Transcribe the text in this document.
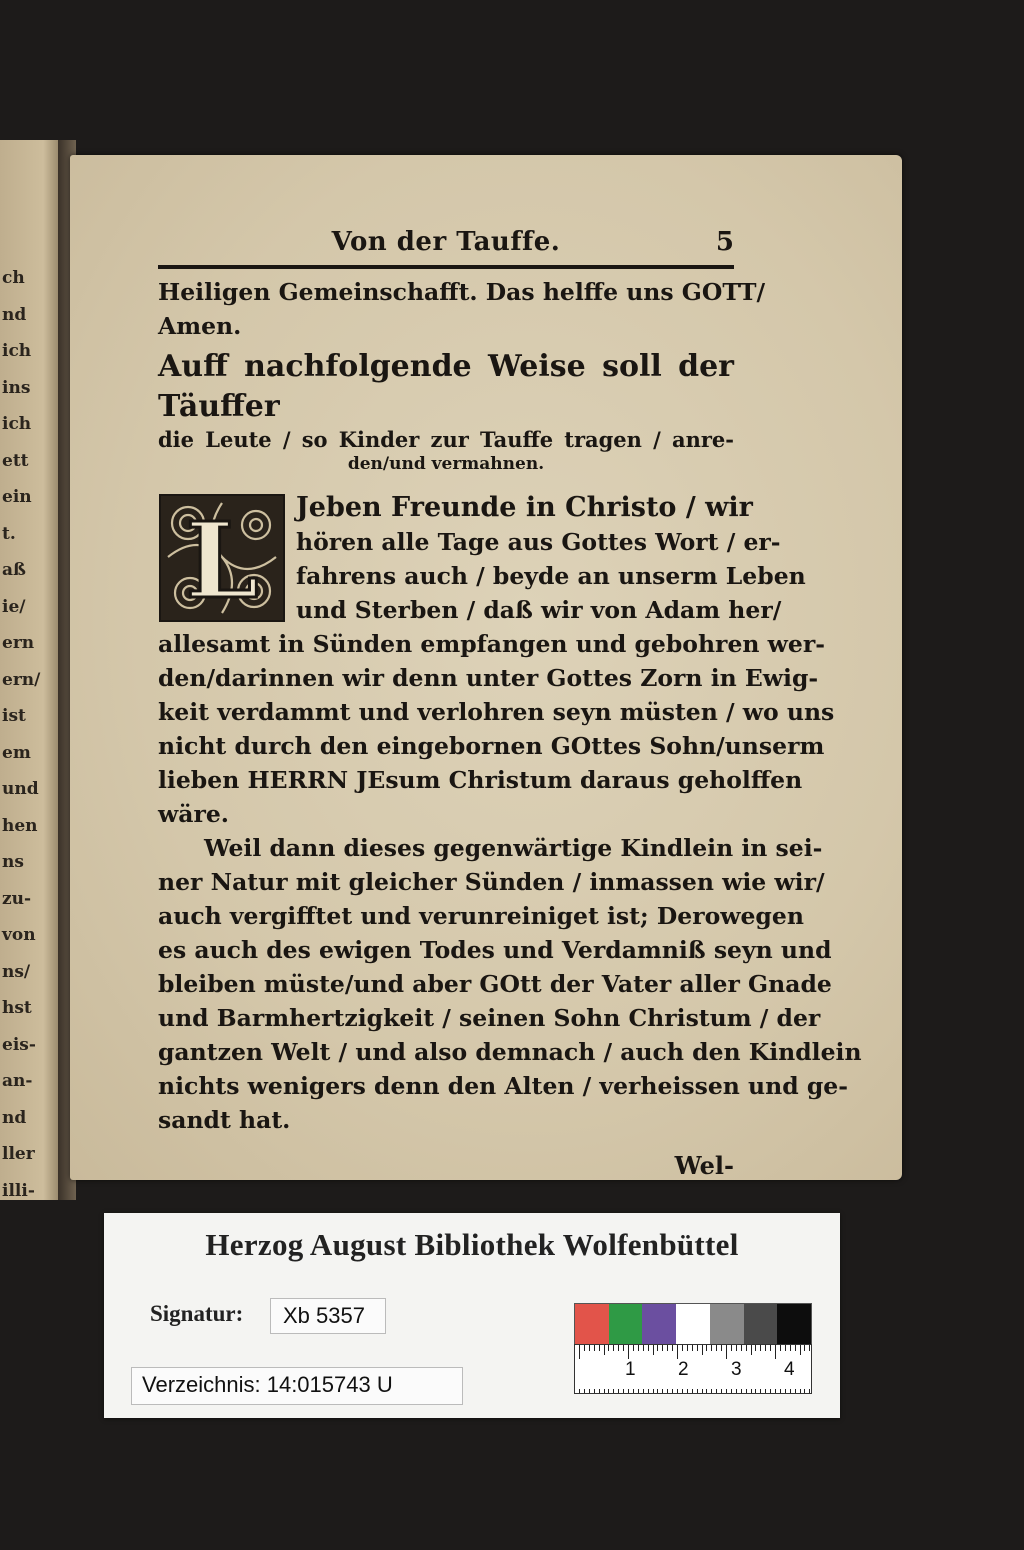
ch
nd
ich
ins
ich
ett
ein
t.
aß
ie/
ern
ern/
ist
em
und
hen
ns
zu-
von
ns/
hst
eis-
an-
nd
ller
illi-
Von der Tauffe.	5
Heiligen Gemeinschafft. Das helffe uns GOTT/
Amen.
Auff nachfolgende Weise soll der Täuffer
die Leute / so Kinder zur Tauffe tragen / anre-
den/und vermahnen.
L Jeben Freunde in Christo / wir
hören alle Tage aus Gottes Wort / er-
fahrens auch / beyde an unserm Leben
und Sterben / daß wir von Adam her/
allesamt in Sünden empfangen und gebohren wer-
den/darinnen wir denn unter Gottes Zorn in Ewig-
keit verdammt und verlohren seyn müsten / wo uns
nicht durch den eingebornen GOttes Sohn/unserm
lieben HERRN JEsum Christum daraus geholffen
wäre.
Weil dann dieses gegenwärtige Kindlein in sei-
ner Natur mit gleicher Sünden / inmassen wie wir/
auch vergifftet und verunreiniget ist; Derowegen
es auch des ewigen Todes und Verdamniß seyn und
bleiben müste/und aber GOtt der Vater aller Gnade
und Barmhertzigkeit / seinen Sohn Christum / der
gantzen Welt / und also demnach / auch den Kindlein
nichts wenigers denn den Alten / verheissen und ge-
sandt hat.
Wel-
Herzog August Bibliothek Wolfenbüttel
Signatur: Xb 5357
Verzeichnis: 14:015743 U
1 2 3 4
